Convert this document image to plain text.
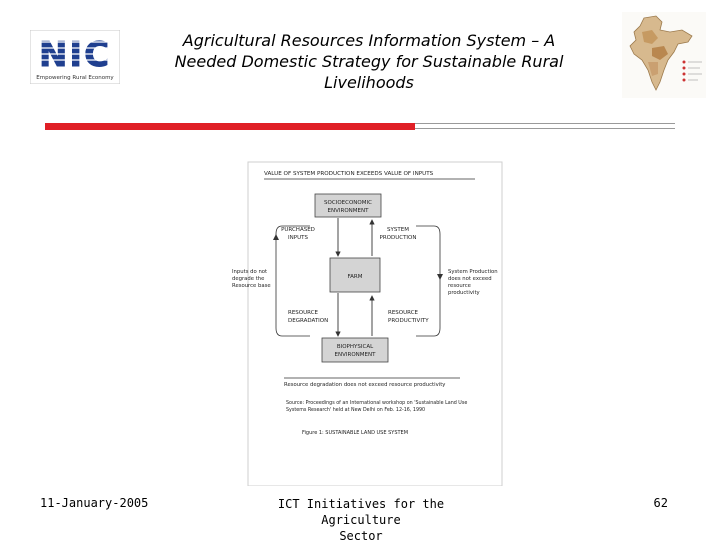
NIC
Empowering Rural Economy
Agricultural Resources Information System – A
Needed Domestic Strategy for Sustainable Rural
Livelihoods
VALUE OF SYSTEM PRODUCTION EXCEEDS VALUE OF INPUTS
SOCIOECONOMIC
ENVIRONMENT
PURCHASED
INPUTS
SYSTEM
PRODUCTION
FARM
Inputs do not
degrade the
Resource base
System Production
does not exceed
resource
productivity
RESOURCE
DEGRADATION
RESOURCE
PRODUCTIVITY
BIOPHYSICAL
ENVIRONMENT
Resource degradation does not exceed resource productivity
Source: Proceedings of an International workshop on 'Sustainable Land Use
Systems Research' held at New Delhi on Feb. 12-16, 1990
Figure 1: SUSTAINABLE LAND USE SYSTEM
11-January-2005	ICT Initiatives for the Agriculture
Sector
62
